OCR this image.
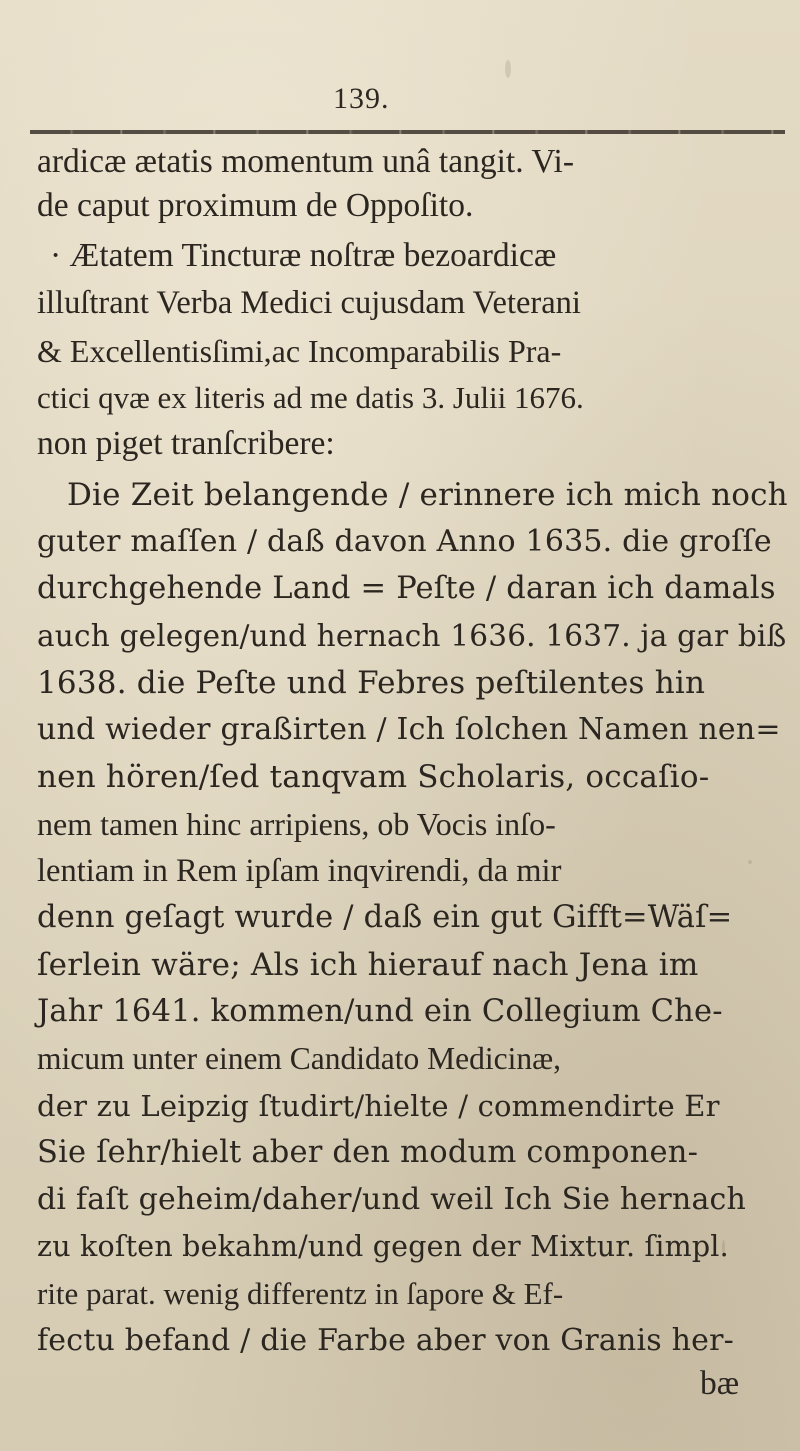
139.
ardicæ ætatis momentum unâ tangit. Vi-
de caput proximum de Oppoſito.
· Ætatem Tincturæ noſtræ bezoardicæ
illuſtrant Verba Medici cujusdam Veterani
& Excellentisſimi,ac Incomparabilis Pra-
ctici qvæ ex literis ad me datis 3. Julii 1676.
non piget tranſcribere:
Die Zeit belangende / erinnere ich mich noch
guter maſſen / daß davon Anno 1635. die groſſe
durchgehende Land = Peſte / daran ich damals
auch gelegen/und hernach 1636. 1637. ja gar biß
1638. die Peſte und Febres peſtilentes hin
und wieder graßirten / Ich ſolchen Namen nen=
nen hören/ſed tanqvam Scholaris, occaſio-
nem tamen hinc arripiens, ob Vocis inſo-
lentiam in Rem ipſam inqvirendi, da mir
denn geſagt wurde / daß ein gut Gifft=Wäſ=
ſerlein wäre; Als ich hierauf nach Jena im
Jahr 1641. kommen/und ein Collegium Che-
micum unter einem Candidato Medicinæ,
der zu Leipzig ſtudirt/hielte / commendirte Er
Sie ſehr/hielt aber den modum componen-
di faſt geheim/daher/und weil Ich Sie hernach
zu koſten bekahm/und gegen der Mixtur. ſimpl.
rite parat. wenig differentz in ſapore & Ef-
fectu befand / die Farbe aber von Granis her-
bæ
